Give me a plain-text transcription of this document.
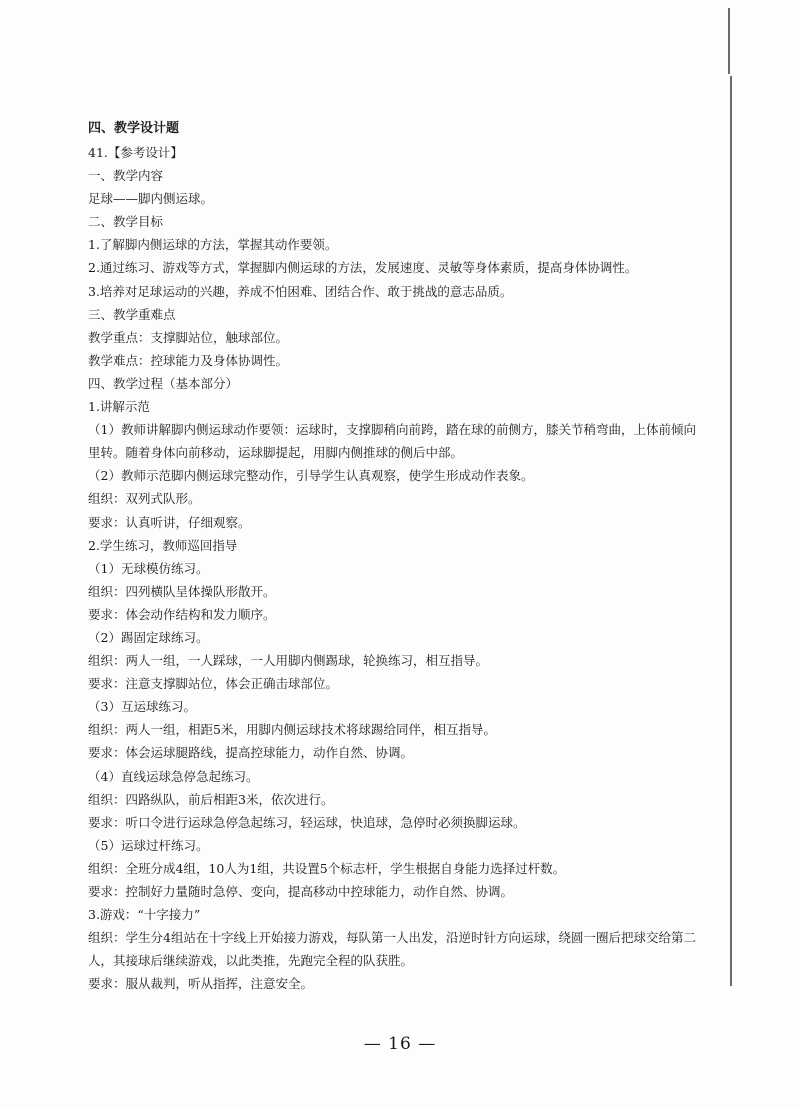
四、教学设计题
41.【参考设计】
一、教学内容
足球——脚内侧运球。
二、教学目标
1.了解脚内侧运球的方法，掌握其动作要领。
2.通过练习、游戏等方式，掌握脚内侧运球的方法，发展速度、灵敏等身体素质，提高身体协调性。
3.培养对足球运动的兴趣，养成不怕困难、团结合作、敢于挑战的意志品质。
三、教学重难点
教学重点：支撑脚站位，触球部位。
教学难点：控球能力及身体协调性。
四、教学过程（基本部分）
1.讲解示范
（1）教师讲解脚内侧运球动作要领：运球时，支撑脚稍向前跨，踏在球的前侧方，膝关节稍弯曲，上体前倾向里转。随着身体向前移动，运球脚提起，用脚内侧推球的侧后中部。
（2）教师示范脚内侧运球完整动作，引导学生认真观察，使学生形成动作表象。
组织：双列式队形。
要求：认真听讲，仔细观察。
2.学生练习，教师巡回指导
（1）无球模仿练习。
组织：四列横队呈体操队形散开。
要求：体会动作结构和发力顺序。
（2）踢固定球练习。
组织：两人一组，一人踩球，一人用脚内侧踢球，轮换练习，相互指导。
要求：注意支撑脚站位，体会正确击球部位。
（3）互运球练习。
组织：两人一组，相距5米，用脚内侧运球技术将球踢给同伴，相互指导。
要求：体会运球腿路线，提高控球能力，动作自然、协调。
（4）直线运球急停急起练习。
组织：四路纵队，前后相距3米，依次进行。
要求：听口令进行运球急停急起练习，轻运球，快追球，急停时必须换脚运球。
（5）运球过杆练习。
组织：全班分成4组，10人为1组，共设置5个标志杆，学生根据自身能力选择过杆数。
要求：控制好力量随时急停、变向，提高移动中控球能力，动作自然、协调。
3.游戏：“十字接力”
组织：学生分4组站在十字线上开始接力游戏，每队第一人出发，沿逆时针方向运球，绕圆一圈后把球交给第二人，其接球后继续游戏，以此类推，先跑完全程的队获胜。
要求：服从裁判，听从指挥，注意安全。
— 16 —
